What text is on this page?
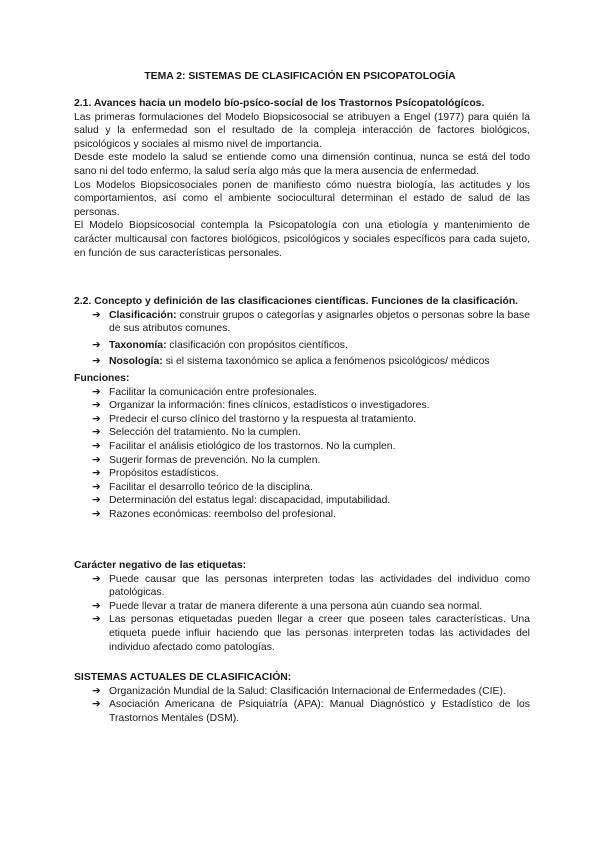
TEMA 2: SISTEMAS DE CLASIFICACIÓN EN PSICOPATOLOGÍA

2.1. Avances hacia un modelo bío-psíco-socíal de los Trastornos Psícopatológícos.

Las primeras formulaciones del Modelo Biopsicosocial se atribuyen a Engel (1977) para quién la salud y la enfermedad son el resultado de la compleja interacción de factores biológicos, psicológicos y sociales al mismo nivel de importancia.

Desde este modelo la salud se entiende como una dimensión continua, nunca se está del todo sano ni del todo enfermo, la salud sería algo más que la mera ausencia de enfermedad.

Los Modelos Biopsicosociales ponen de manifiesto cómo nuestra biología, las actitudes y los comportamientos, así como el ambiente sociocultural determinan el estado de salud de las personas.

El Modelo Biopsicosocial contempla la Psicopatología con una etiología y mantenimiento de carácter multicausal con factores biológicos, psicológicos y sociales específicos para cada sujeto, en función de sus características personales.

2.2. Concepto y definición de las clasificaciones científicas. Funciones de la clasificación.

➔ Clasificación: construir grupos o categorías y asignarles objetos o personas sobre la base de sus atributos comunes.
➔ Taxonomía: clasificación con propósitos científicos.
➔ Nosología: si el sistema taxonómico se aplica a fenómenos psicológicos/ médicos

Funciones:

➔ Facilitar la comunicación entre profesionales.
➔ Organizar la información: fines clínicos, estadísticos o investigadores.
➔ Predecir el curso clínico del trastorno y la respuesta al tratamiento.
➔ Selección del tratamiento. No la cumplen.
➔ Facilitar el análisis etiológico de los trastornos. No la cumplen.
➔ Sugerir formas de prevención. No la cumplen.
➔ Propósitos estadísticos.
➔ Facilitar el desarrollo teórico de la disciplina.
➔ Determinación del estatus legal: discapacidad, imputabilidad.
➔ Razones económicas: reembolso del profesional.

Carácter negativo de las etiquetas:

➔ Puede causar que las personas interpreten todas las actividades del individuo como patológicas.
➔ Puede llevar a tratar de manera diferente a una persona aún cuando sea normal.
➔ Las personas etiquetadas pueden llegar a creer que poseen tales características. Una etiqueta puede influir haciendo que las personas interpreten todas las actividades del individuo afectado como patologías.

SISTEMAS ACTUALES DE CLASIFICACIÓN:

➔ Organización Mundial de la Salud: Clasificación Internacional de Enfermedades (CIE).
➔ Asociación Americana de Psiquiatría (APA): Manual Diagnóstico y Estadístico de los Trastornos Mentales (DSM).
